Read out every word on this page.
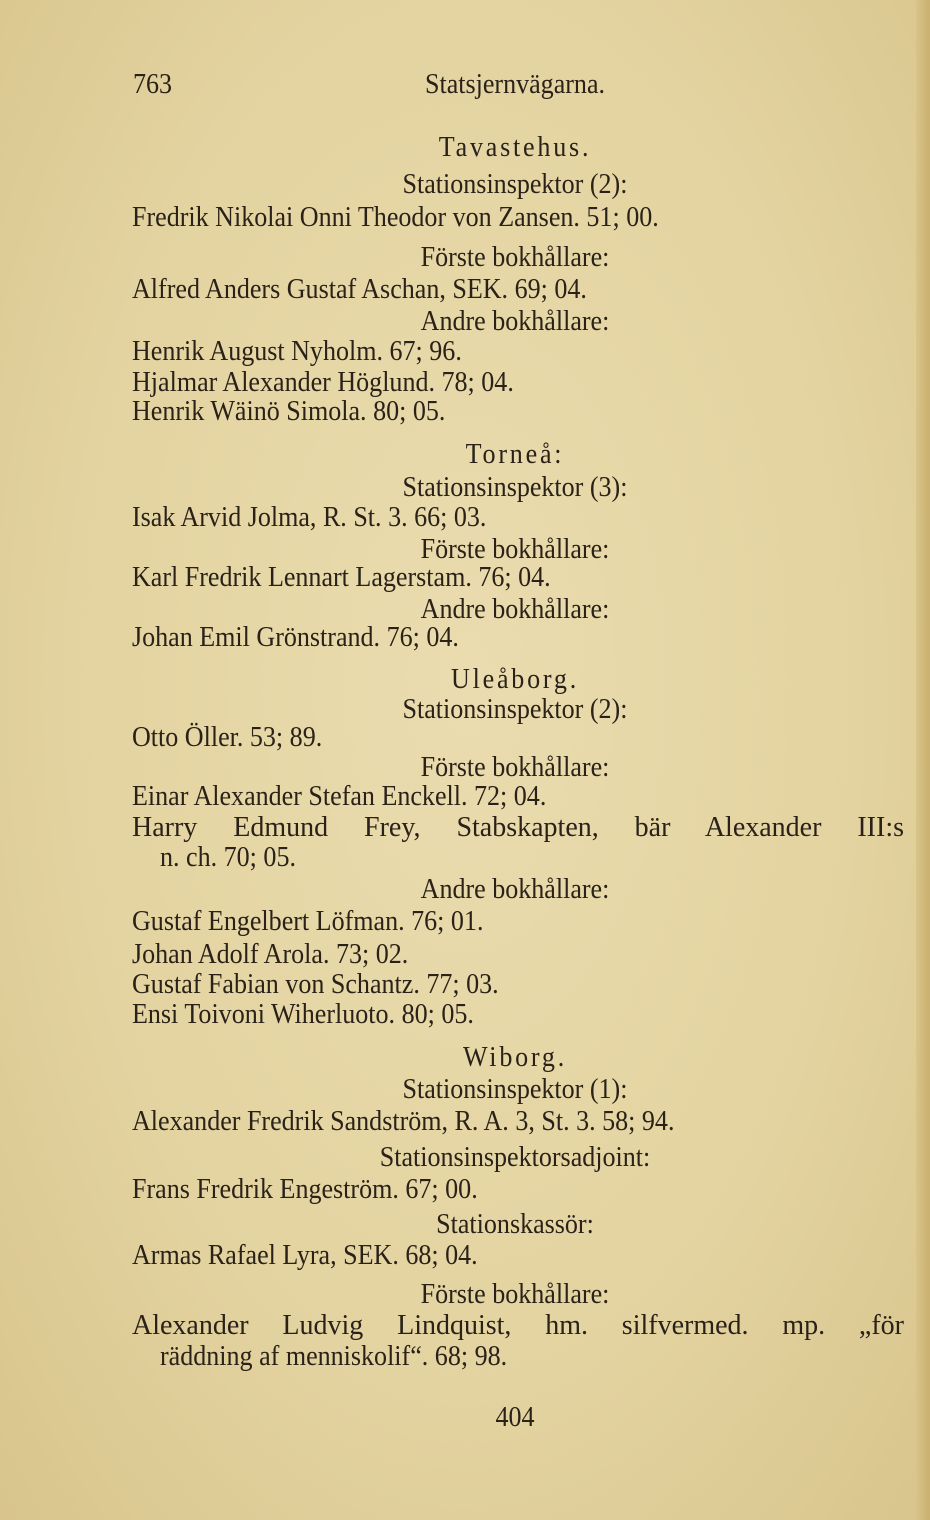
763	Statsjernvägarna.
Tavastehus.
Stationsinspektor (2):
Fredrik Nikolai Onni Theodor von Zansen. 51; 00.
Förste bokhållare:
Alfred Anders Gustaf Aschan, SEK. 69; 04.
Andre bokhållare:
Henrik August Nyholm. 67; 96.
Hjalmar Alexander Höglund. 78; 04.
Henrik Wäinö Simola. 80; 05.
Torneå:
Stationsinspektor (3):
Isak Arvid Jolma, R. St. 3. 66; 03.
Förste bokhållare:
Karl Fredrik Lennart Lagerstam. 76; 04.
Andre bokhållare:
Johan Emil Grönstrand. 76; 04.
Uleåborg.
Stationsinspektor (2):
Otto Öller. 53; 89.
Förste bokhållare:
Einar Alexander Stefan Enckell. 72; 04.
Harry Edmund Frey, Stabskapten, bär Alexander III:s
n. ch. 70; 05.
Andre bokhållare:
Gustaf Engelbert Löfman. 76; 01.
Johan Adolf Arola. 73; 02.
Gustaf Fabian von Schantz. 77; 03.
Ensi Toivoni Wiherluoto. 80; 05.
Wiborg.
Stationsinspektor (1):
Alexander Fredrik Sandström, R. A. 3, St. 3. 58; 94.
Stationsinspektorsadjoint:
Frans Fredrik Engeström. 67; 00.
Stationskassör:
Armas Rafael Lyra, SEK. 68; 04.
Förste bokhållare:
Alexander Ludvig Lindquist, hm. silfvermed. mp. „för
räddning af menniskolif“. 68; 98.
404
